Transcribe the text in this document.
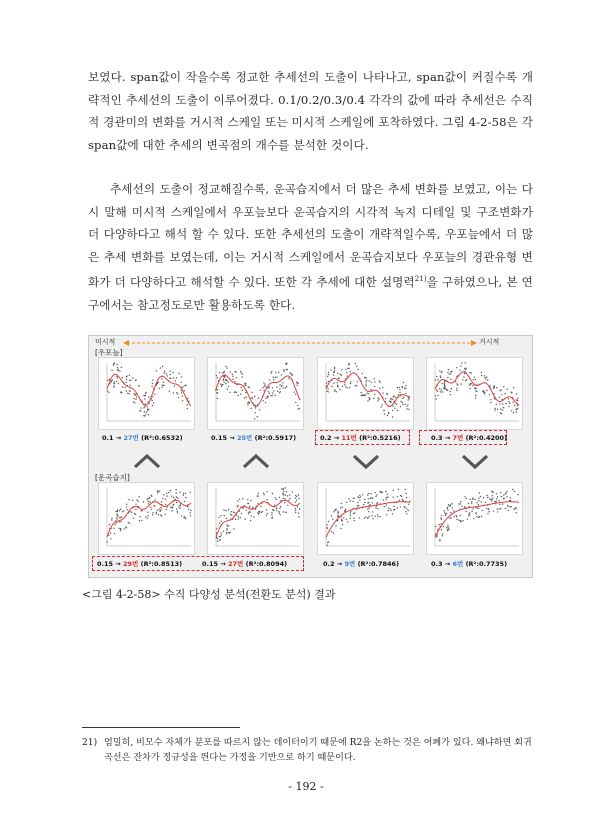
보였다. span값이 작을수록 정교한 추세선의 도출이 나타나고, span값이 커질수록 개략적인 추세선의 도출이 이루어졌다. 0.1/0.2/0.3/0.4 각각의 값에 따라 추세선은 수직적 경관미의 변화를 거시적 스케일 또는 미시적 스케일에 포착하였다. 그림 4-2-58은 각 span값에 대한 추세의 변곡점의 개수를 분석한 것이다.
추세선의 도출이 정교해질수록, 운곡습지에서 더 많은 추세 변화를 보였고, 이는 다시 말해 미시적 스케일에서 우포늪보다 운곡습지의 시각적 녹지 디테일 및 구조변화가 더 다양하다고 해석 할 수 있다. 또한 추세선의 도출이 개략적일수록, 우포늪에서 더 많은 추세 변화를 보였는데, 이는 거시적 스케일에서 운곡습지보다 우포늪의 경관유형 변화가 더 다양하다고 해석할 수 있다. 또한 각 추세에 대한 설명력$^{21)}$을 구하였으나, 본 연구에서는 참고정도로만 활용하도록 한다.
미시적	거시적
[우포늪]
0.1 → 27번 (R²:0.6532)	0.15 → 25번 (R²:0.5917)	0.2 → 11번 (R²:0.5216)	0.3 → 7번 (R²:0.4200)
[운곡습지]
0.15 → 29번 (R²:0.8513)	0.15 → 27번 (R²:0.8094)	0.2 → 9번 (R²:0.7846)	0.3 → 6번 (R²:0.7735)
<그림 4-2-58> 수직 다양성 분석(전환도 분석) 결과
21) 엄밀히, 비모수 자체가 분포를 따르지 않는 데이터이기 때문에 R2을 논하는 것은 어폐가 있다. 왜냐하면 회귀곡선은 잔차가 정규성을 띈다는 가정을 기반으로 하기 때문이다.
- 192 -
